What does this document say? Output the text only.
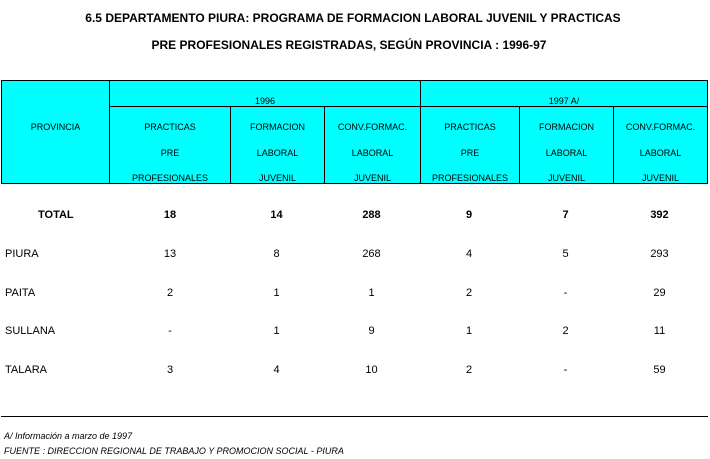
6.5 DEPARTAMENTO PIURA: PROGRAMA DE FORMACION LABORAL JUVENIL Y PRACTICAS
PRE PROFESIONALES REGISTRADAS, SEGÚN PROVINCIA : 1996-97
PROVINCIA
1996	1997 A/
PRACTICAS
PRE
PROFESIONALES
FORMACION
LABORAL
JUVENIL
CONV.FORMAC.
LABORAL
JUVENIL
PRACTICAS
PRE
PROFESIONALES
FORMACION
LABORAL
JUVENIL
CONV.FORMAC.
LABORAL
JUVENIL
TOTAL	18	14	288	9	7	392
PIURA	13	8	268	4	5	293
PAITA	2	1	1	2	-	29
SULLANA	-	1	9	1	2	11
TALARA	3	4	10	2	-	59
A/ Información a marzo de 1997
FUENTE : DIRECCION REGIONAL DE TRABAJO Y PROMOCION SOCIAL - PIURA
